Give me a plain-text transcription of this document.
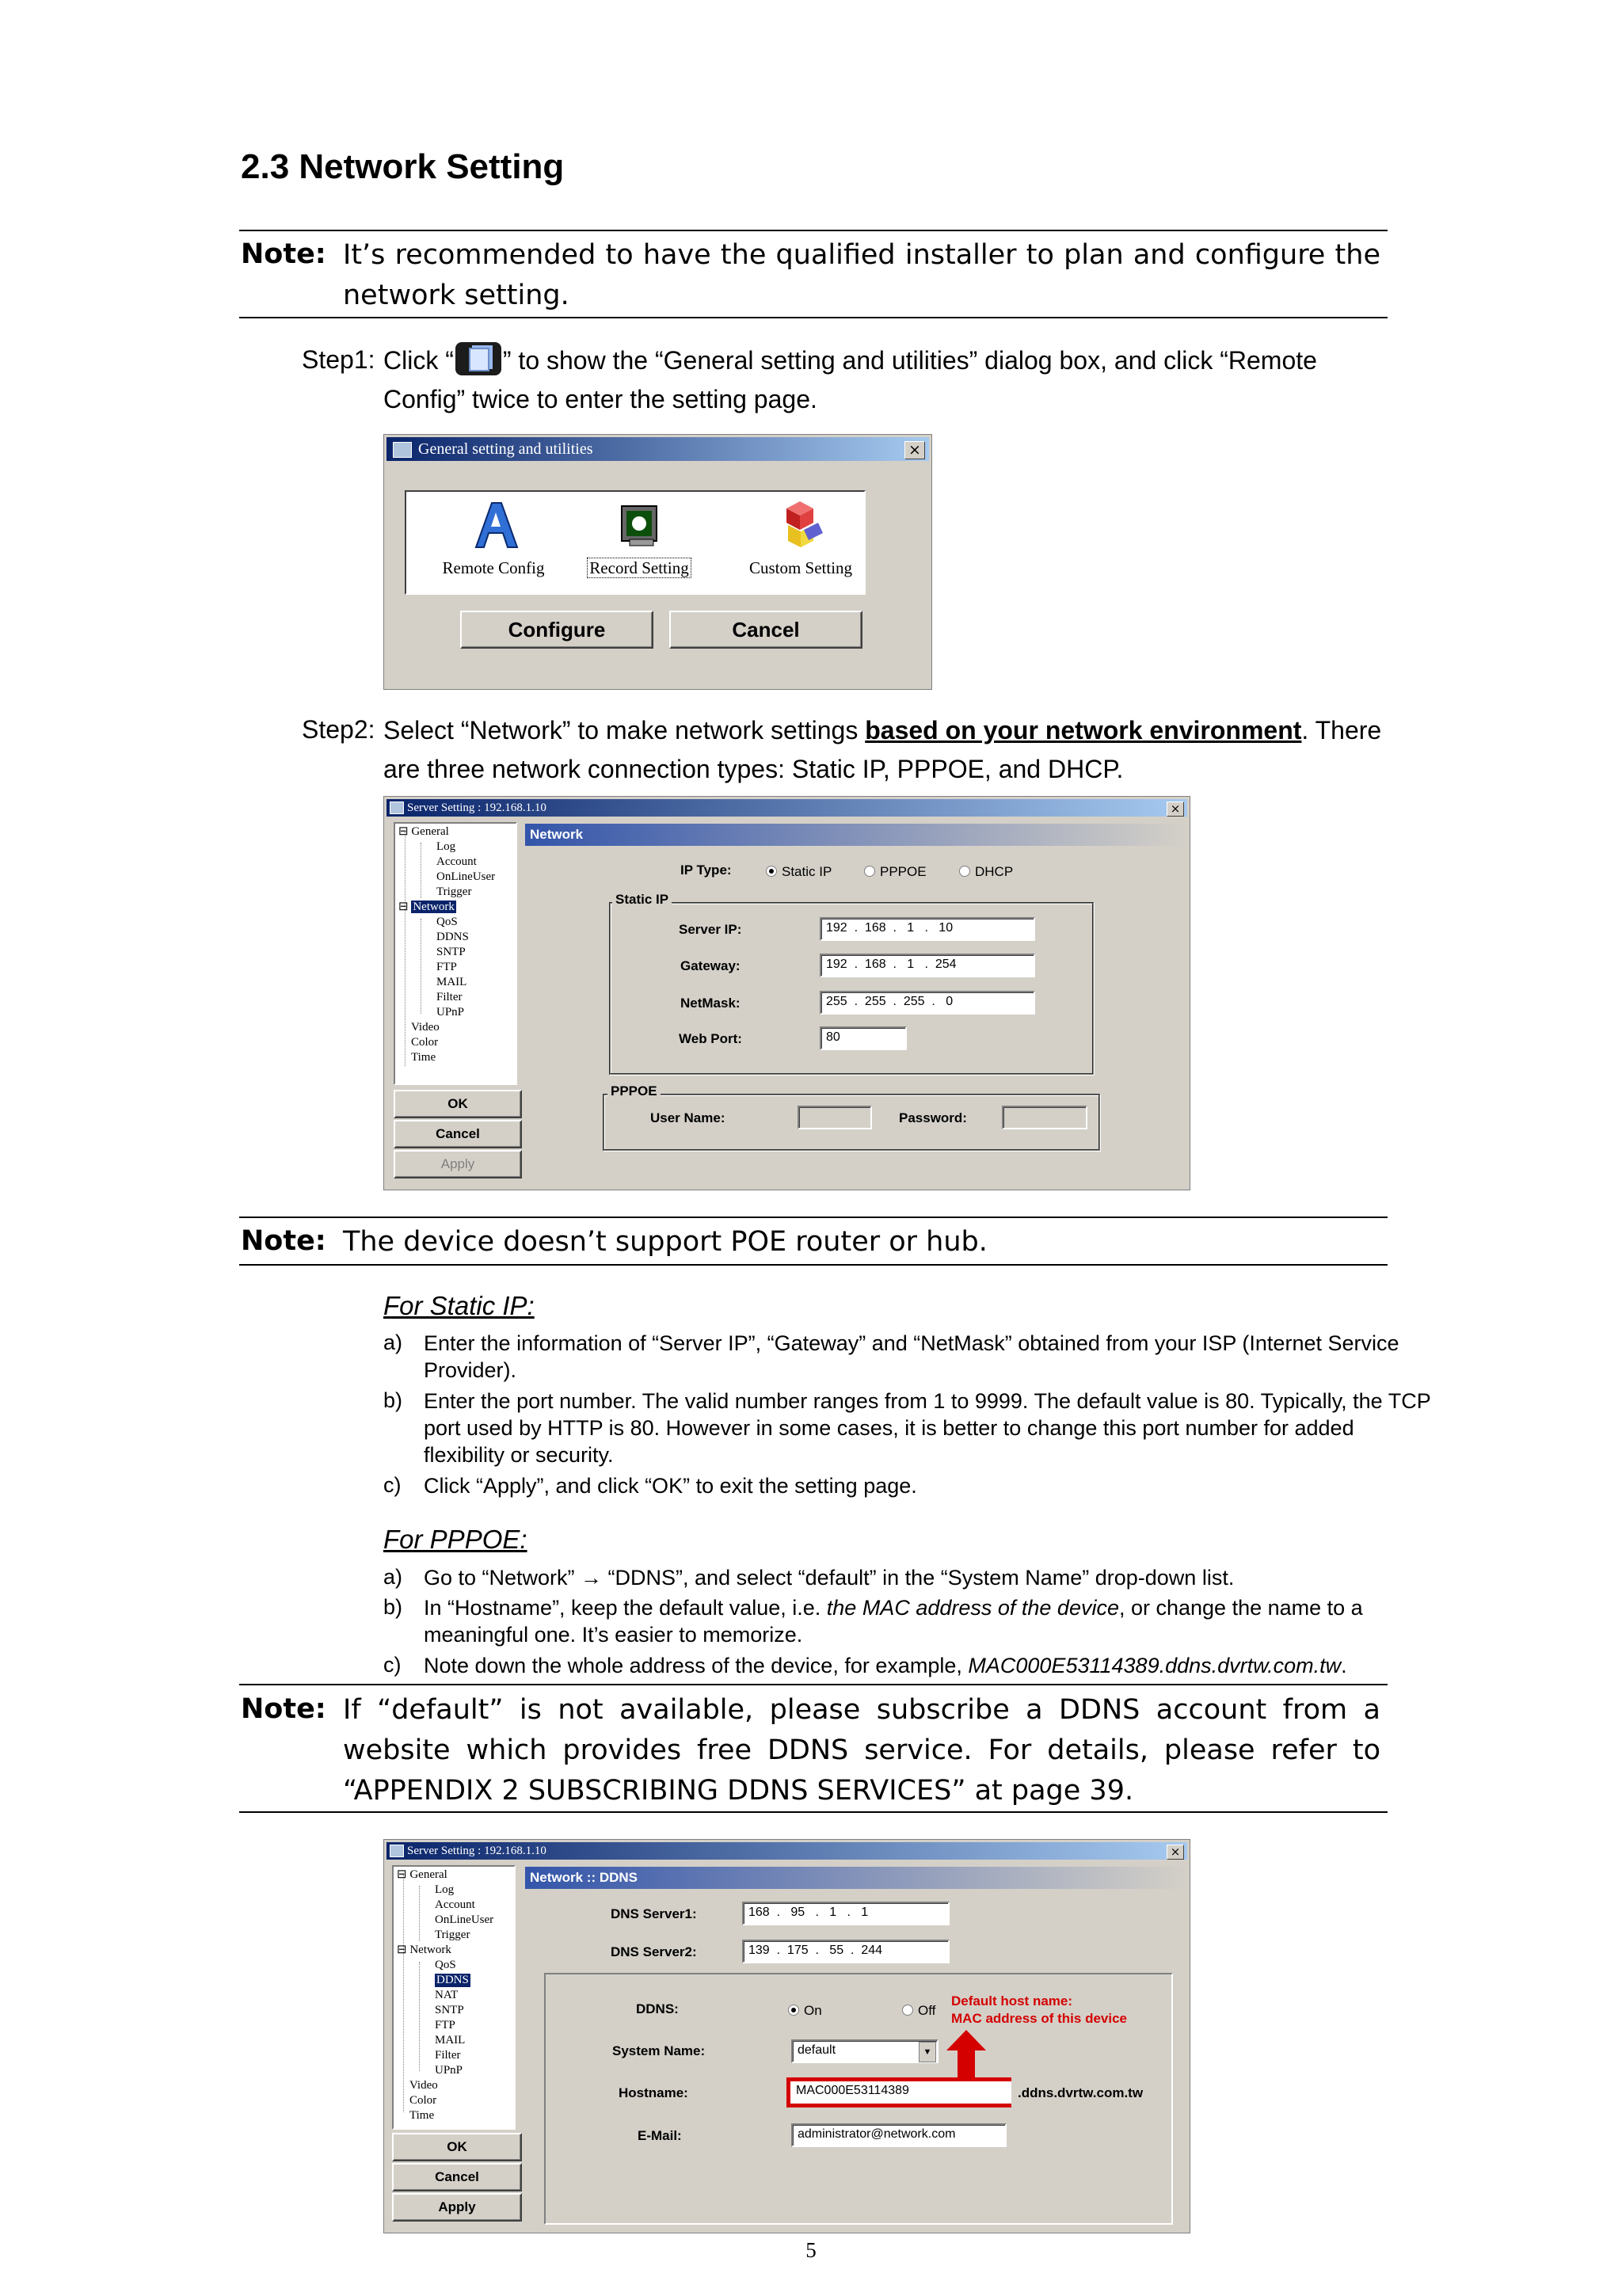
2.3 Network Setting
Note: It’s recommended to have the qualified installer to plan and configure the network setting.
Step1: Click “ ” to show the “General setting and utilities” dialog box, and click “Remote Config” twice to enter the setting page.
General setting and utilities	×
Remote Config	Record Setting	Custom Setting
Configure	Cancel
Step2: Select “Network” to make network settings based on your network environment. There are three network connection types: Static IP, PPPOE, and DHCP.
Server Setting : 192.168.1.10	×
⊟ General
Log
Account
OnLineUser
Trigger
⊟ Network
QoS
DDNS
SNTP
FTP
MAIL
Filter
UPnP
Video
Color
Time
OK
Cancel
Apply
Network
IP Type:	Static IP	PPPOE	DHCP
Static IP
Server IP:	192  .  168  .   1   .   10
Gateway:	192  .  168  .   1   .  254
NetMask:	255  .  255  .  255  .   0
Web Port:	80
PPPOE
User Name:	Password:
Note: The device doesn’t support POE router or hub.
For Static IP:
a) Enter the information of “Server IP”, “Gateway” and “NetMask” obtained from your ISP (Internet Service Provider).
b) Enter the port number. The valid number ranges from 1 to 9999. The default value is 80. Typically, the TCP port used by HTTP is 80. However in some cases, it is better to change this port number for added flexibility or security.
c) Click “Apply”, and click “OK” to exit the setting page.
For PPPOE:
a) Go to “Network” → “DDNS”, and select “default” in the “System Name” drop-down list.
b) In “Hostname”, keep the default value, i.e. the MAC address of the device, or change the name to a meaningful one. It’s easier to memorize.
c) Note down the whole address of the device, for example, MAC000E53114389.ddns.dvrtw.com.tw.
Note: If “default” is not available, please subscribe a DDNS account from a website which provides free DDNS service. For details, please refer to “APPENDIX 2 SUBSCRIBING DDNS SERVICES” at page 39.
Server Setting : 192.168.1.10	×
⊟ General
Log
Account
OnLineUser
Trigger
⊟ Network
QoS
DDNS
NAT
SNTP
FTP
MAIL
Filter
UPnP
Video
Color
Time
OK
Cancel
Apply
Network :: DDNS
DNS Server1:	168  .   95   .   1   .   1
DNS Server2:	139  .  175  .   55  .  244
DDNS:	On	Off
System Name:	default	▼
Hostname:	MAC000E53114389	.ddns.dvrtw.com.tw
E-Mail:	administrator@network.com
Default host name:
MAC address of this device
5
